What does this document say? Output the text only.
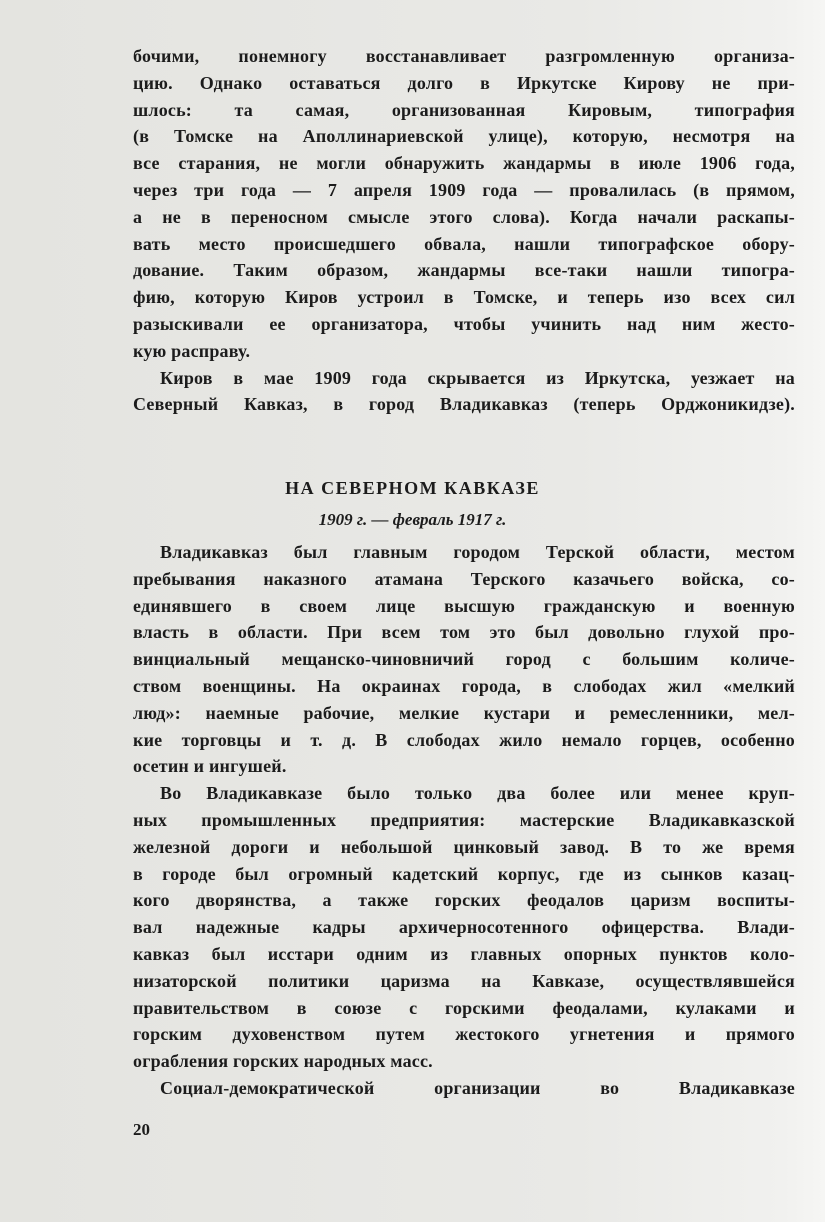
бочими, понемногу восстанавливает разгромленную организа-
цию. Однако оставаться долго в Иркутске Кирову не при-
шлось: та самая, организованная Кировым, типография
(в Томске на Аполлинариевской улице), которую, несмотря на
все старания, не могли обнаружить жандармы в июле 1906 года,
через три года — 7 апреля 1909 года — провалилась (в прямом,
а не в переносном смысле этого слова). Когда начали раскапы-
вать место происшедшего обвала, нашли типографское обору-
дование. Таким образом, жандармы все-таки нашли типогра-
фию, которую Киров устроил в Томске, и теперь изо всех сил
разыскивали ее организатора, чтобы учинить над ним жесто-
кую расправу.
Киров в мае 1909 года скрывается из Иркутска, уезжает на
Северный Кавказ, в город Владикавказ (теперь Орджоникидзе).
НА СЕВЕРНОМ КАВКАЗЕ
1909 г. — февраль 1917 г.
Владикавказ был главным городом Терской области, местом
пребывания наказного атамана Терского казачьего войска, со-
единявшего в своем лице высшую гражданскую и военную
власть в области. При всем том это был довольно глухой про-
винциальный мещанско-чиновничий город с большим количе-
ством военщины. На окраинах города, в слободах жил «мелкий
люд»: наемные рабочие, мелкие кустари и ремесленники, мел-
кие торговцы и т. д. В слободах жило немало горцев, особенно
осетин и ингушей.
Во Владикавказе было только два более или менее круп-
ных промышленных предприятия: мастерские Владикавказской
железной дороги и небольшой цинковый завод. В то же время
в городе был огромный кадетский корпус, где из сынков казац-
кого дворянства, а также горских феодалов царизм воспиты-
вал надежные кадры архичерносотенного офицерства. Влади-
кавказ был исстари одним из главных опорных пунктов коло-
низаторской политики царизма на Кавказе, осуществлявшейся
правительством в союзе с горскими феодалами, кулаками и
горским духовенством путем жестокого угнетения и прямого
ограбления горских народных масс.
Социал-демократической организации во Владикавказе
20
